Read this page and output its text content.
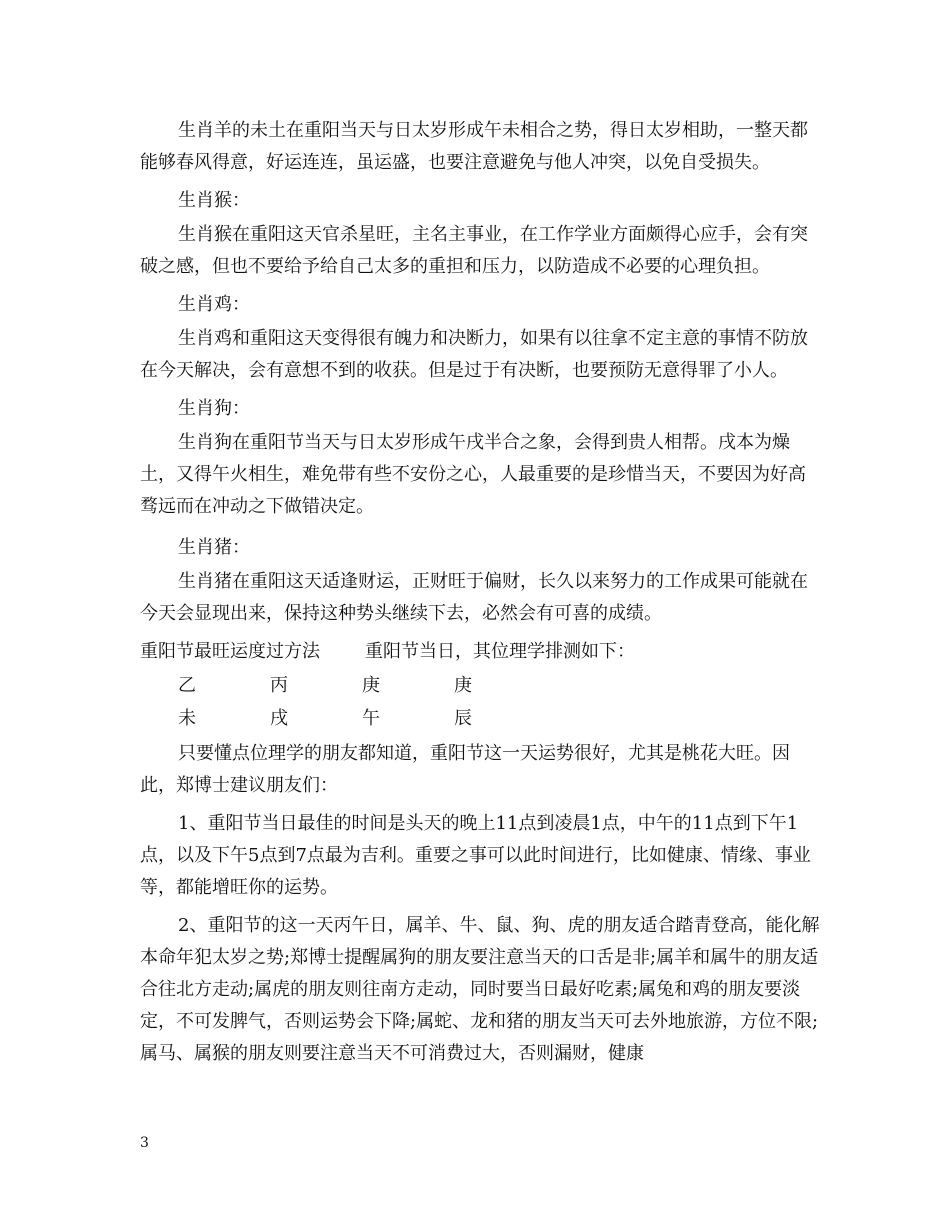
生肖羊的未土在重阳当天与日太岁形成午未相合之势，得日太岁相助，一整天都能够春风得意，好运连连，虽运盛，也要注意避免与他人冲突，以免自受损失。

生肖猴：

生肖猴在重阳这天官杀星旺，主名主事业，在工作学业方面颇得心应手，会有突破之感，但也不要给予给自己太多的重担和压力，以防造成不必要的心理负担。

生肖鸡：

生肖鸡和重阳这天变得很有魄力和决断力，如果有以往拿不定主意的事情不防放在今天解决，会有意想不到的收获。但是过于有决断，也要预防无意得罪了小人。

生肖狗：

生肖狗在重阳节当天与日太岁形成午戌半合之象，会得到贵人相帮。戌本为燥土，又得午火相生，难免带有些不安份之心，人最重要的是珍惜当天，不要因为好高骛远而在冲动之下做错决定。

生肖猪：

生肖猪在重阳这天适逢财运，正财旺于偏财，长久以来努力的工作成果可能就在今天会显现出来，保持这种势头继续下去，必然会有可喜的成绩。

重阳节最旺运度过方法	重阳节当日，其位理学排测如下：
乙	丙	庚	庚
未	戌	午	辰

只要懂点位理学的朋友都知道，重阳节这一天运势很好，尤其是桃花大旺。因此，郑博士建议朋友们：

1、重阳节当日最佳的时间是头天的晚上11点到凌晨1点，中午的11点到下午1点，以及下午5点到7点最为吉利。重要之事可以此时间进行，比如健康、情缘、事业等，都能增旺你的运势。

2、重阳节的这一天丙午日，属羊、牛、鼠、狗、虎的朋友适合踏青登高，能化解本命年犯太岁之势;郑博士提醒属狗的朋友要注意当天的口舌是非;属羊和属牛的朋友适合往北方走动;属虎的朋友则往南方走动，同时要当日最好吃素;属兔和鸡的朋友要淡定，不可发脾气，否则运势会下降;属蛇、龙和猪的朋友当天可去外地旅游，方位不限;属马、属猴的朋友则要注意当天不可消费过大，否则漏财，健康

3
